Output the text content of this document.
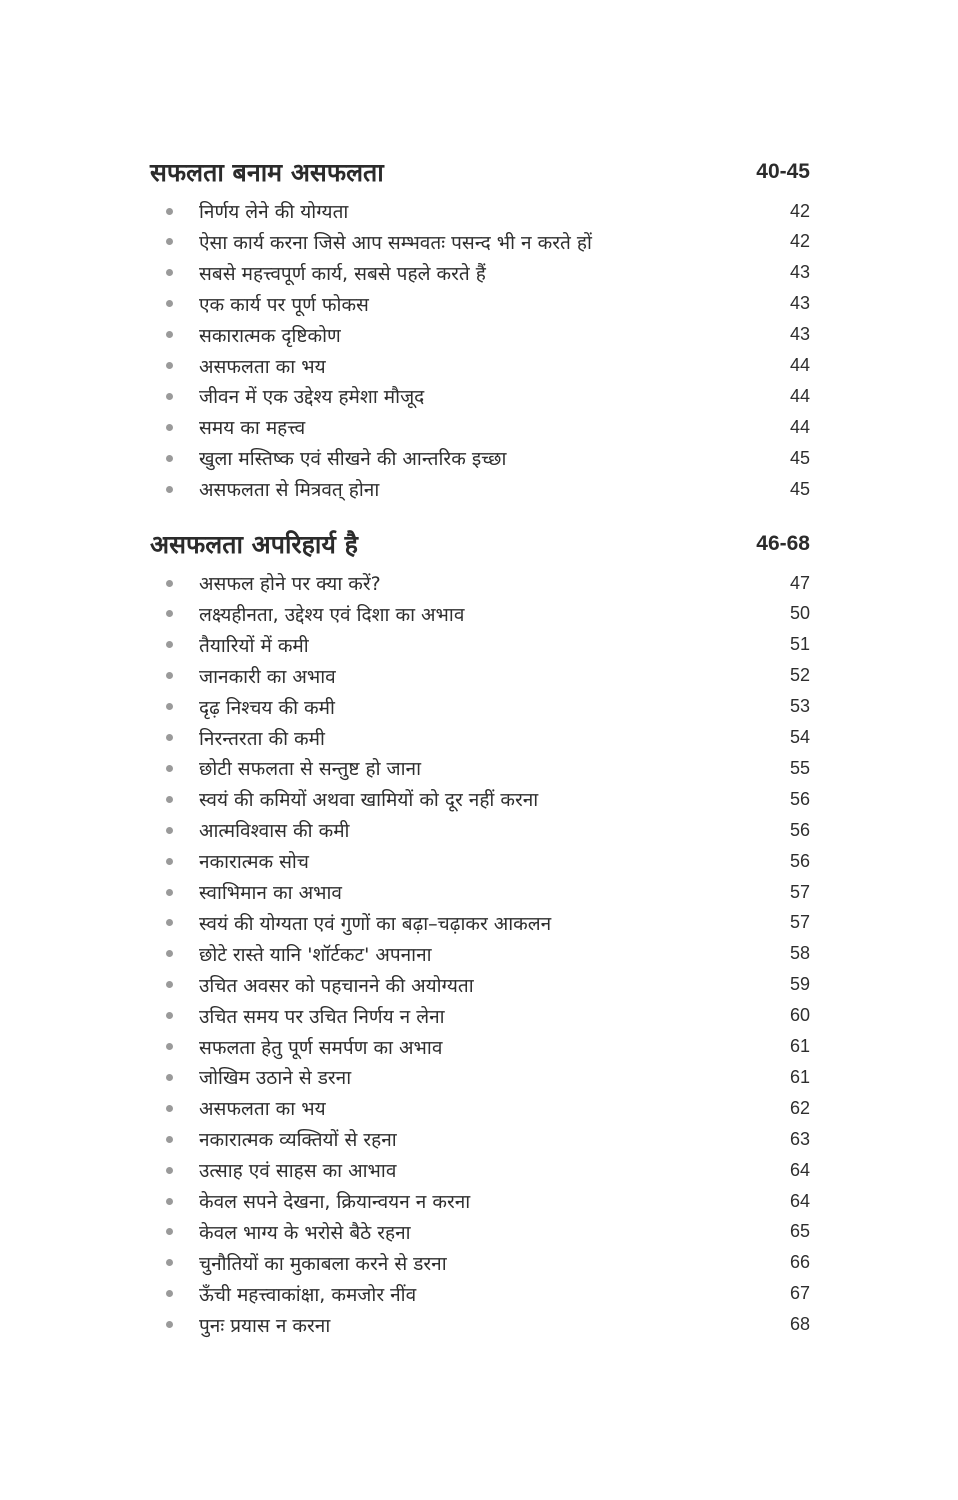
सफलता बनाम असफलता	40-45
निर्णय लेने की योग्यता	42
ऐसा कार्य करना जिसे आप सम्भवतः पसन्द भी न करते हों	42
सबसे महत्त्वपूर्ण कार्य, सबसे पहले करते हैं	43
एक कार्य पर पूर्ण फोकस	43
सकारात्मक दृष्टिकोण	43
असफलता का भय	44
जीवन में एक उद्देश्य हमेशा मौजूद	44
समय का महत्त्व	44
खुला मस्तिष्क एवं सीखने की आन्तरिक इच्छा	45
असफलता से मित्रवत् होना	45
असफलता अपरिहार्य है	46-68
असफल होने पर क्या करें?	47
लक्ष्यहीनता, उद्देश्य एवं दिशा का अभाव	50
तैयारियों में कमी	51
जानकारी का अभाव	52
दृढ़ निश्चय की कमी	53
निरन्तरता की कमी	54
छोटी सफलता से सन्तुष्ट हो जाना	55
स्वयं की कमियों अथवा खामियों को दूर नहीं करना	56
आत्मविश्वास की कमी	56
नकारात्मक सोच	56
स्वाभिमान का अभाव	57
स्वयं की योग्यता एवं गुणों का बढ़ा–चढ़ाकर आकलन	57
छोटे रास्ते यानि 'शॉर्टकट' अपनाना	58
उचित अवसर को पहचानने की अयोग्यता	59
उचित समय पर उचित निर्णय न लेना	60
सफलता हेतु पूर्ण समर्पण का अभाव	61
जोखिम उठाने से डरना	61
असफलता का भय	62
नकारात्मक व्यक्तियों से रहना	63
उत्साह एवं साहस का आभाव	64
केवल सपने देखना, क्रियान्वयन न करना	64
केवल भाग्य के भरोसे बैठे रहना	65
चुनौतियों का मुकाबला करने से डरना	66
ऊँची महत्त्वाकांक्षा, कमजोर नींव	67
पुनः प्रयास न करना	68
